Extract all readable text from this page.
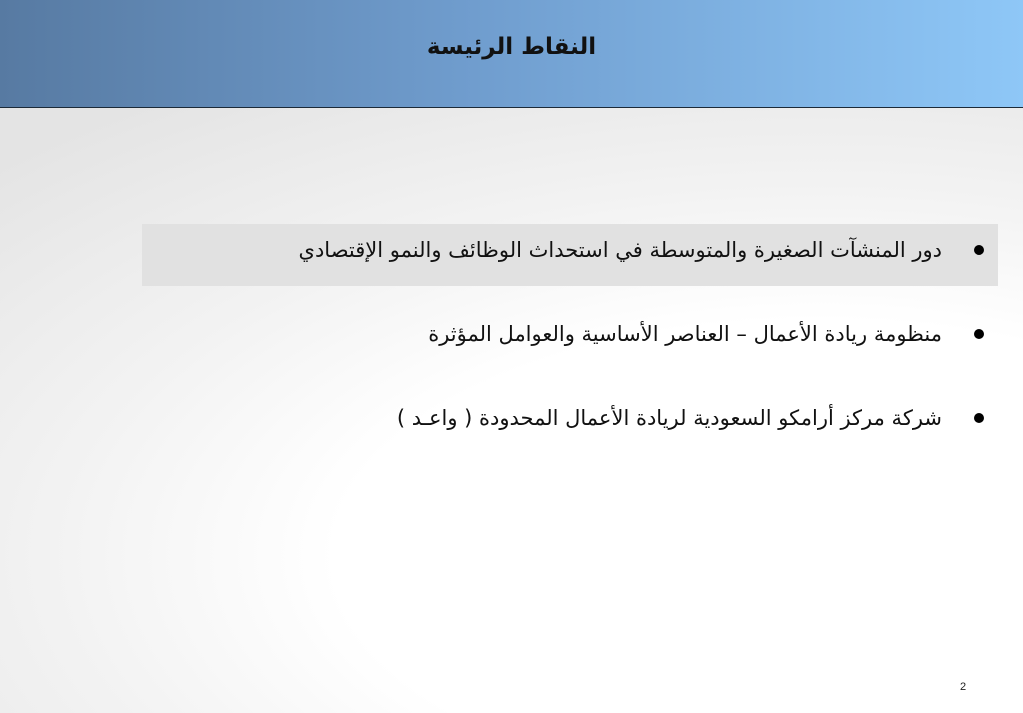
النقاط الرئيسة
دور المنشآت الصغيرة والمتوسطة في استحداث الوظائف والنمو الإقتصادي
منظومة ريادة الأعمال – العناصر الأساسية والعوامل المؤثرة
شركة مركز أرامكو السعودية لريادة الأعمال المحدودة ( واعـد )
2
